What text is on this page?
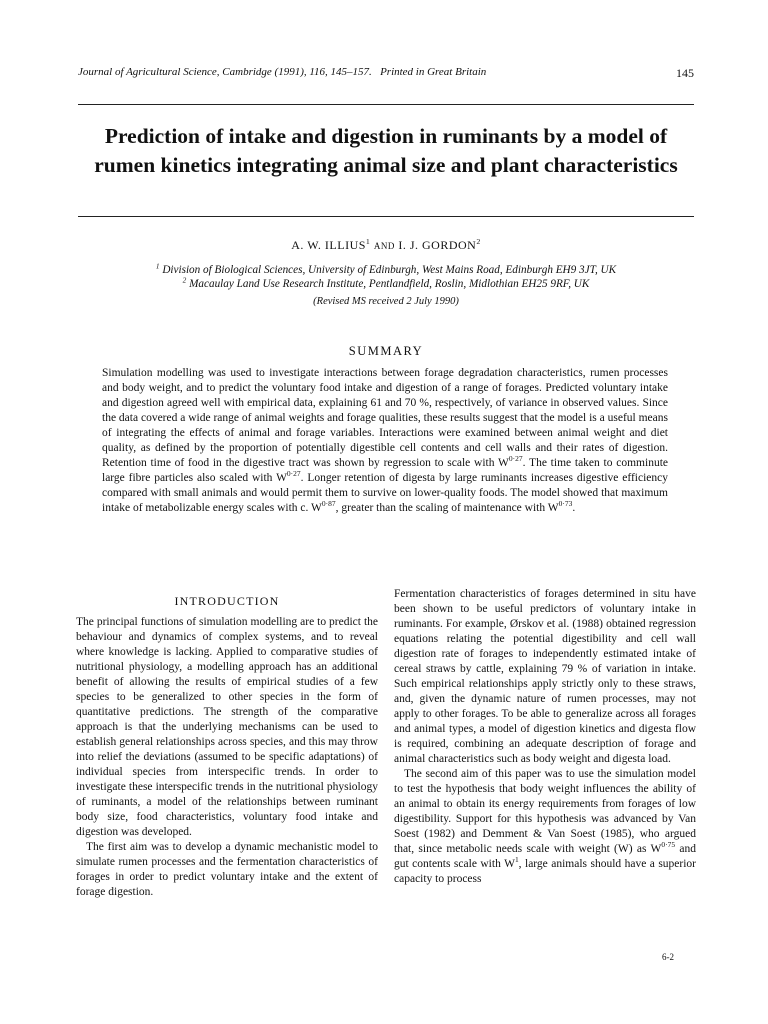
Journal of Agricultural Science, Cambridge (1991), 116, 145–157. Printed in Great Britain	145
Prediction of intake and digestion in ruminants by a model of rumen kinetics integrating animal size and plant characteristics
A. W. ILLIUS$^1$ AND I. J. GORDON$^2$
$^1$ Division of Biological Sciences, University of Edinburgh, West Mains Road, Edinburgh EH9 3JT, UK
$^2$ Macaulay Land Use Research Institute, Pentlandfield, Roslin, Midlothian EH25 9RF, UK
(Revised MS received 2 July 1990)
SUMMARY
Simulation modelling was used to investigate interactions between forage degradation characteristics, rumen processes and body weight, and to predict the voluntary food intake and digestion of a range of forages. Predicted voluntary intake and digestion agreed well with empirical data, explaining 61 and 70 %, respectively, of variance in observed values. Since the data covered a wide range of animal weights and forage qualities, these results suggest that the model is a useful means of integrating the effects of animal and forage variables. Interactions were examined between animal weight and diet quality, as defined by the proportion of potentially digestible cell contents and cell walls and their rates of digestion. Retention time of food in the digestive tract was shown by regression to scale with $W^{0\cdot 27}$. The time taken to comminute large fibre particles also scaled with $W^{0\cdot 27}$. Longer retention of digesta by large ruminants increases digestive efficiency compared with small animals and would permit them to survive on lower-quality foods. The model showed that maximum intake of metabolizable energy scales with c. $W^{0\cdot 87}$, greater than the scaling of maintenance with $W^{0\cdot 73}$.
INTRODUCTION

The principal functions of simulation modelling are to predict the behaviour and dynamics of complex systems, and to reveal where knowledge is lacking. Applied to comparative studies of nutritional physiology, a modelling approach has an additional benefit of allowing the results of empirical studies of a few species to be generalized to other species in the form of quantitative predictions. The strength of the comparative approach is that the underlying mechanisms can be used to establish general relationships across species, and this may throw into relief the deviations (assumed to be specific adaptations) of individual species from interspecific trends. In order to investigate these interspecific trends in the nutritional physiology of ruminants, a model of the relationships between ruminant body size, food characteristics, voluntary food intake and digestion was developed.

The first aim was to develop a dynamic mechanistic model to simulate rumen processes and the fermentation characteristics of forages in order to predict voluntary intake and the extent of forage digestion.

Fermentation characteristics of forages determined in situ have been shown to be useful predictors of voluntary intake in ruminants. For example, Ørskov et al. (1988) obtained regression equations relating the potential digestibility and cell wall digestion rate of forages to independently estimated intake of cereal straws by cattle, explaining 79 % of variation in intake. Such empirical relationships apply strictly only to these straws, and, given the dynamic nature of rumen processes, may not apply to other forages. To be able to generalize across all forages and animal types, a model of digestion kinetics and digesta flow is required, combining an adequate description of forage and animal characteristics such as body weight and digesta load.

The second aim of this paper was to use the simulation model to test the hypothesis that body weight influences the ability of an animal to obtain its energy requirements from forages of low digestibility. Support for this hypothesis was advanced by Van Soest (1982) and Demment & Van Soest (1985), who argued that, since metabolic needs scale with weight (W) as $W^{0\cdot 75}$ and gut contents scale with $W^1$, large animals should have a superior capacity to process

6-2
